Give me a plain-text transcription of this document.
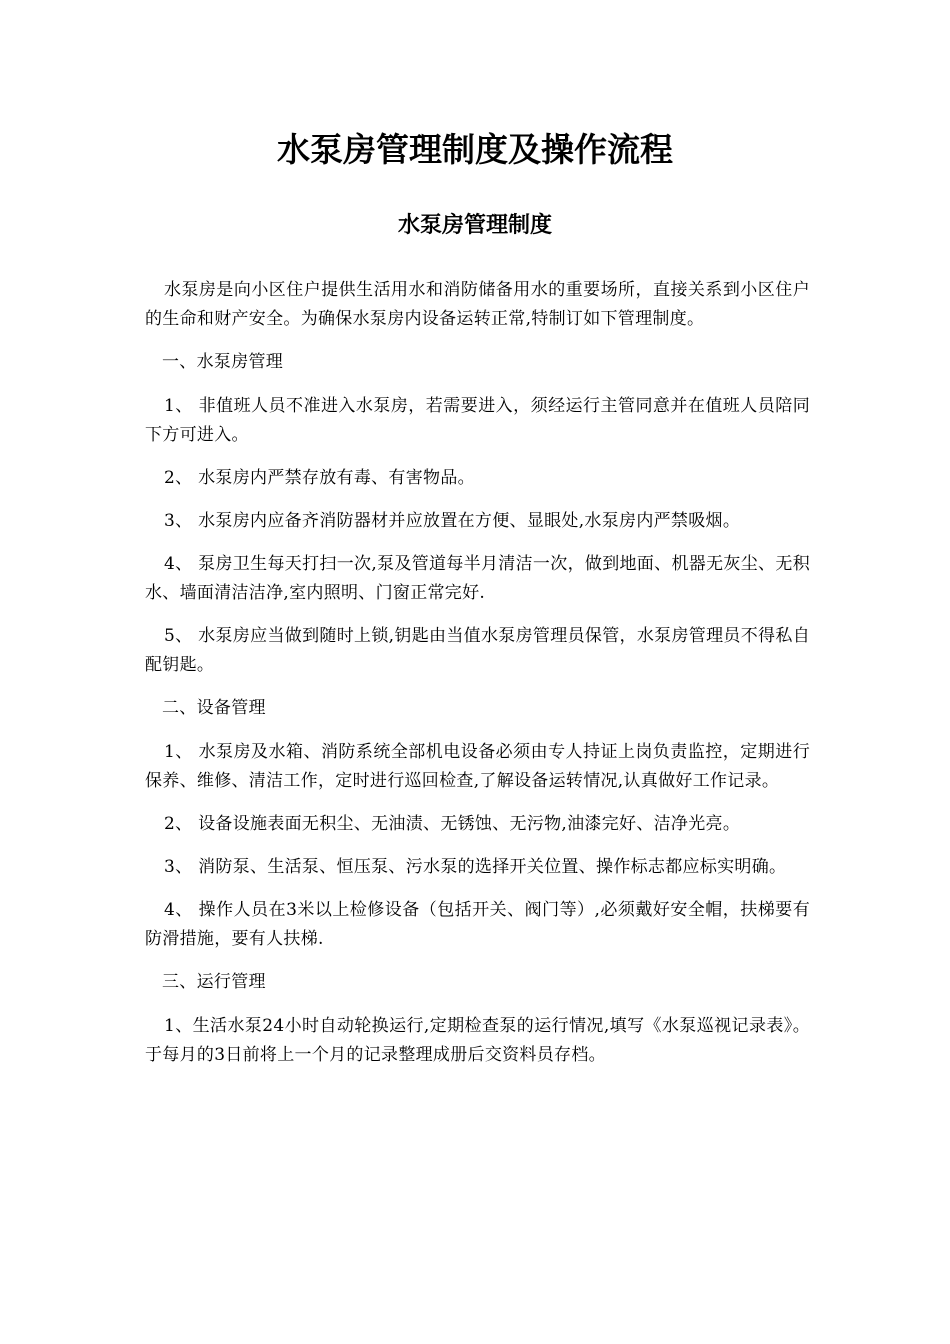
水泵房管理制度及操作流程
水泵房管理制度

水泵房是向小区住户提供生活用水和消防储备用水的重要场所，直接关系到小区住户的生命和财产安全。为确保水泵房内设备运转正常,特制订如下管理制度。

一、水泵房管理

1、 非值班人员不准进入水泵房，若需要进入，须经运行主管同意并在值班人员陪同下方可进入。

2、 水泵房内严禁存放有毒、有害物品。

3、 水泵房内应备齐消防器材并应放置在方便、显眼处,水泵房内严禁吸烟。

4、 泵房卫生每天打扫一次,泵及管道每半月清洁一次，做到地面、机器无灰尘、无积水、墙面清洁洁净,室内照明、门窗正常完好.

5、 水泵房应当做到随时上锁,钥匙由当值水泵房管理员保管，水泵房管理员不得私自配钥匙。

二、设备管理

1、 水泵房及水箱、消防系统全部机电设备必须由专人持证上岗负责监控，定期进行保养、维修、清洁工作，定时进行巡回检查,了解设备运转情况,认真做好工作记录。

2、 设备设施表面无积尘、无油渍、无锈蚀、无污物,油漆完好、洁净光亮。

3、 消防泵、生活泵、恒压泵、污水泵的选择开关位置、操作标志都应标实明确。

4、 操作人员在3米以上检修设备（包括开关、阀门等）,必须戴好安全帽，扶梯要有防滑措施，要有人扶梯.

三、运行管理

1、生活水泵24小时自动轮换运行,定期检查泵的运行情况,填写《水泵巡视记录表》。于每月的3日前将上一个月的记录整理成册后交资料员存档。
